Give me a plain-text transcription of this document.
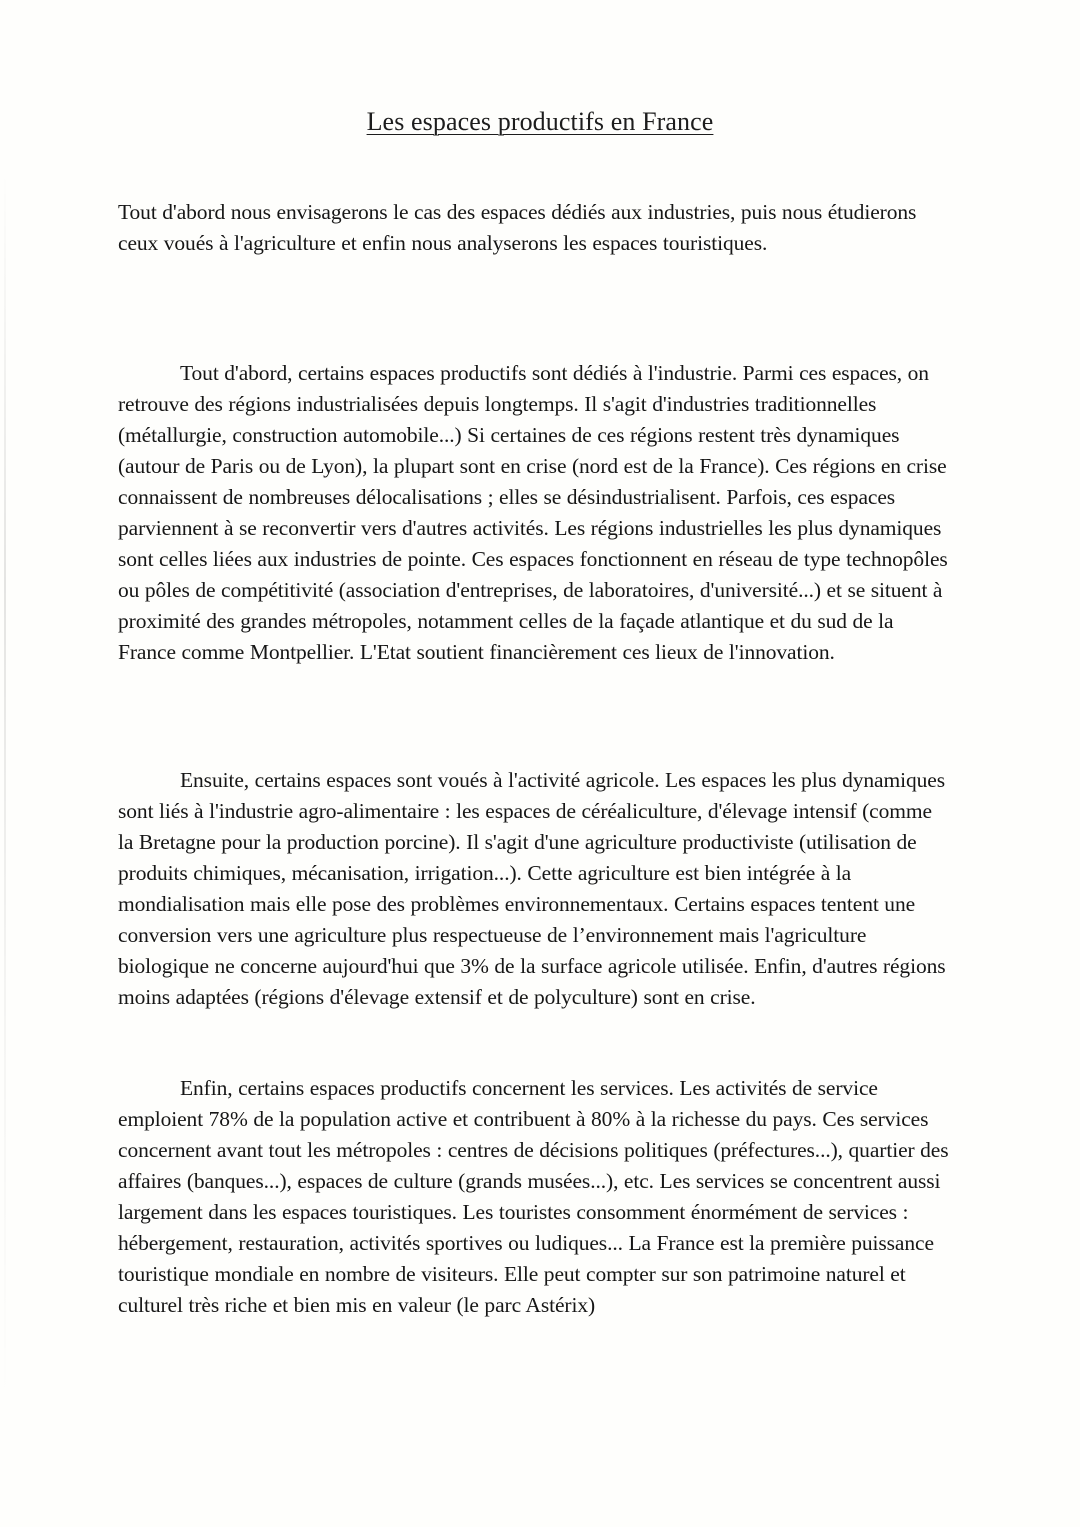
Les espaces productifs en France

Tout d'abord nous envisagerons le cas des espaces dédiés aux industries, puis nous étudierons ceux voués à l'agriculture et enfin nous analyserons les espaces touristiques.

Tout d'abord, certains espaces productifs sont dédiés à l'industrie. Parmi ces espaces, on retrouve des régions industrialisées depuis longtemps. Il s'agit d'industries traditionnelles (métallurgie, construction automobile...) Si certaines de ces régions restent très dynamiques (autour de Paris ou de Lyon), la plupart sont en crise (nord est de la France). Ces régions en crise connaissent de nombreuses délocalisations ; elles se désindustrialisent. Parfois, ces espaces parviennent à se reconvertir vers d'autres activités. Les régions industrielles les plus dynamiques sont celles liées aux industries de pointe. Ces espaces fonctionnent en réseau de type technopôles ou pôles de compétitivité (association d'entreprises, de laboratoires, d'université...) et se situent à proximité des grandes métropoles, notamment celles de la façade atlantique et du sud de la France comme Montpellier. L'Etat soutient financièrement ces lieux de l'innovation.

Ensuite, certains espaces sont voués à l'activité agricole. Les espaces les plus dynamiques sont liés à l'industrie agro-alimentaire : les espaces de céréaliculture, d'élevage intensif (comme la Bretagne pour la production porcine). Il s'agit d'une agriculture productiviste (utilisation de produits chimiques, mécanisation, irrigation...). Cette agriculture est bien intégrée à la mondialisation mais elle pose des problèmes environnementaux. Certains espaces tentent une conversion vers une agriculture plus respectueuse de l’environnement mais l'agriculture biologique ne concerne aujourd'hui que 3% de la surface agricole utilisée. Enfin, d'autres régions moins adaptées (régions d'élevage extensif et de polyculture) sont en crise.

Enfin, certains espaces productifs concernent les services. Les activités de service emploient 78% de la population active et contribuent à 80% à la richesse du pays. Ces services concernent avant tout les métropoles : centres de décisions politiques (préfectures...), quartier des affaires (banques...), espaces de culture (grands musées...), etc. Les services se concentrent aussi largement dans les espaces touristiques. Les touristes consomment énormément de services : hébergement, restauration, activités sportives ou ludiques... La France est la première puissance touristique mondiale en nombre de visiteurs. Elle peut compter sur son patrimoine naturel et culturel très riche et bien mis en valeur (le parc Astérix)
